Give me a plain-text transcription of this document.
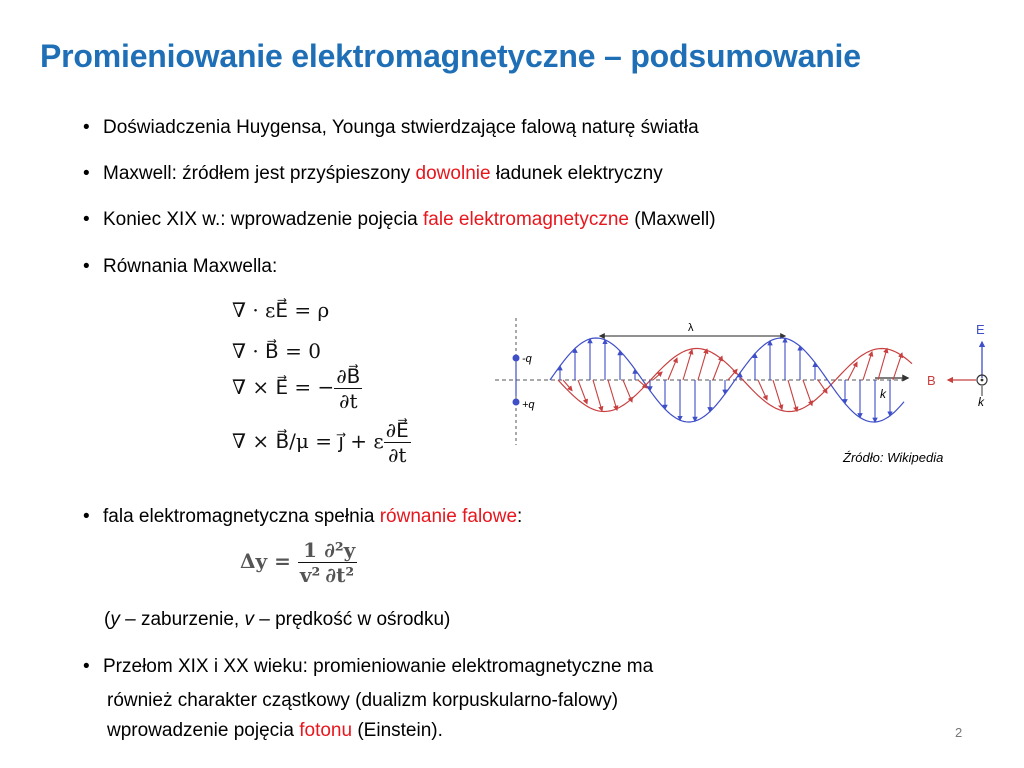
Promieniowanie elektromagnetyczne – podsumowanie
• Doświadczenia Huygensa, Younga stwierdzające falową naturę światła
• Maxwell: źródłem jest przyśpieszony dowolnie ładunek elektryczny
• Koniec XIX w.: wprowadzenie pojęcia fale elektromagnetyczne (Maxwell)
• Równania Maxwella:
∇ · εE⃗ = ρ
∇ · B⃗ = 0
∇ × E⃗ = − $\frac{\partial B⃗}{\partial t}$
∇ × B⃗/μ = j⃗ + ε $\frac{\partial E⃗}{\partial t}$
k
-q
+q
λ	E
B
k
Źródło: Wikipedia
• fala elektromagnetyczna spełnia równanie falowe:
$\Delta y = \frac{1}{\text{v²}} \frac{\text{∂²y}}{\text{∂t²}}$
(y – zaburzenie, v – prędkość w ośrodku)
• Przełom XIX i XX wieku: promieniowanie elektromagnetyczne ma
również charakter cząstkowy (dualizm korpuskularno-falowy)
wprowadzenie pojęcia fotonu (Einstein).	2
